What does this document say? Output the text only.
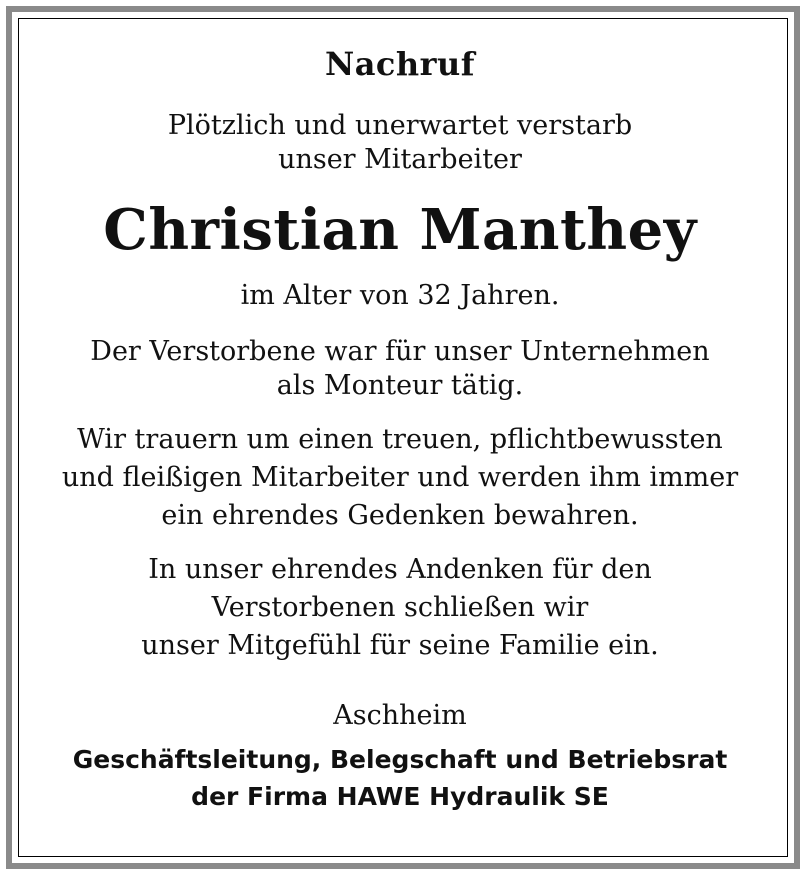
Nachruf
Plötzlich und unerwartet verstarb
unser Mitarbeiter
Christian Manthey
im Alter von 32 Jahren.
Der Verstorbene war für unser Unternehmen
als Monteur tätig.
Wir trauern um einen treuen, pflichtbewussten
und fleißigen Mitarbeiter und werden ihm immer
ein ehrendes Gedenken bewahren.
In unser ehrendes Andenken für den
Verstorbenen schließen wir
unser Mitgefühl für seine Familie ein.
Aschheim
Geschäftsleitung, Belegschaft und Betriebsrat
der Firma HAWE Hydraulik SE
